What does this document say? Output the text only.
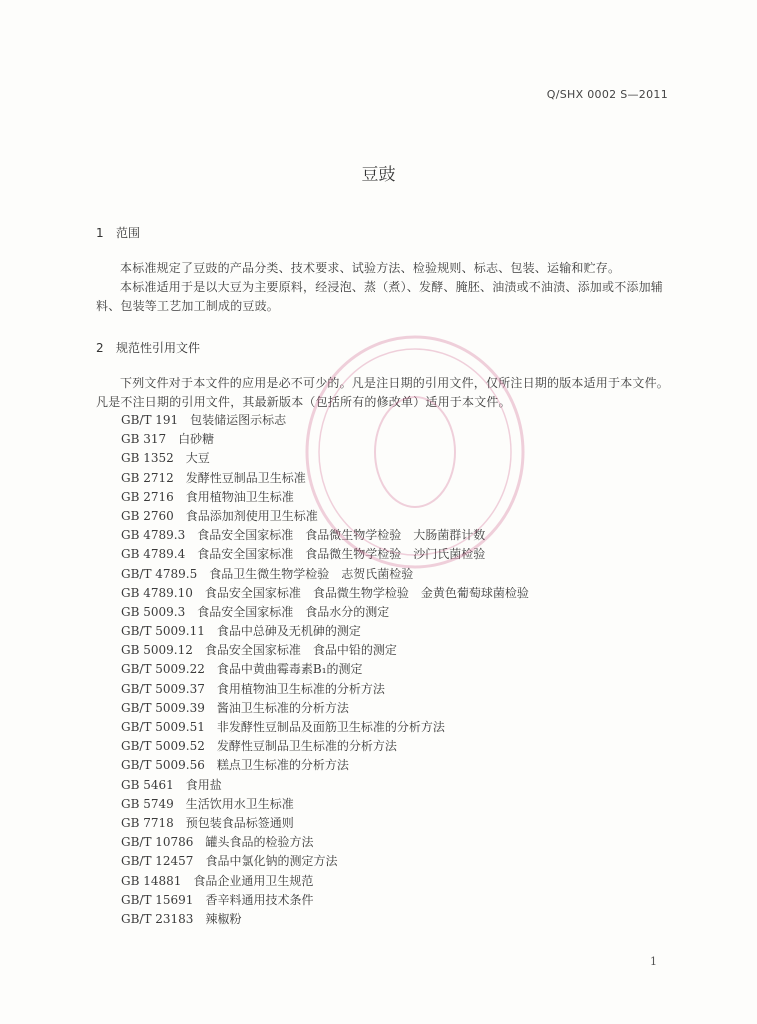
Q/SHX 0002 S—2011
豆豉
1 范围
本标准规定了豆豉的产品分类、技术要求、试验方法、检验规则、标志、包装、运输和贮存。
本标准适用于是以大豆为主要原料，经浸泡、蒸（煮）、发酵、腌胚、油渍或不油渍、添加或不添加辅料、包装等工艺加工制成的豆豉。
2 规范性引用文件
下列文件对于本文件的应用是必不可少的。凡是注日期的引用文件，仅所注日期的版本适用于本文件。凡是不注日期的引用文件，其最新版本（包括所有的修改单）适用于本文件。
GB/T 191 包装储运图示标志
GB 317 白砂糖
GB 1352 大豆
GB 2712 发酵性豆制品卫生标准
GB 2716 食用植物油卫生标准
GB 2760 食品添加剂使用卫生标准
GB 4789.3 食品安全国家标准　食品微生物学检验　大肠菌群计数
GB 4789.4 食品安全国家标准　食品微生物学检验　沙门氏菌检验
GB/T 4789.5 食品卫生微生物学检验　志贺氏菌检验
GB 4789.10 食品安全国家标准　食品微生物学检验　金黄色葡萄球菌检验
GB 5009.3 食品安全国家标准　食品水分的测定
GB/T 5009.11 食品中总砷及无机砷的测定
GB 5009.12 食品安全国家标准　食品中铅的测定
GB/T 5009.22 食品中黄曲霉毒素B₁的测定
GB/T 5009.37 食用植物油卫生标准的分析方法
GB/T 5009.39 酱油卫生标准的分析方法
GB/T 5009.51 非发酵性豆制品及面筋卫生标准的分析方法
GB/T 5009.52 发酵性豆制品卫生标准的分析方法
GB/T 5009.56 糕点卫生标准的分析方法
GB 5461 食用盐
GB 5749 生活饮用水卫生标准
GB 7718 预包装食品标签通则
GB/T 10786 罐头食品的检验方法
GB/T 12457 食品中氯化钠的测定方法
GB 14881 食品企业通用卫生规范
GB/T 15691 香辛料通用技术条件
GB/T 23183 辣椒粉
1
